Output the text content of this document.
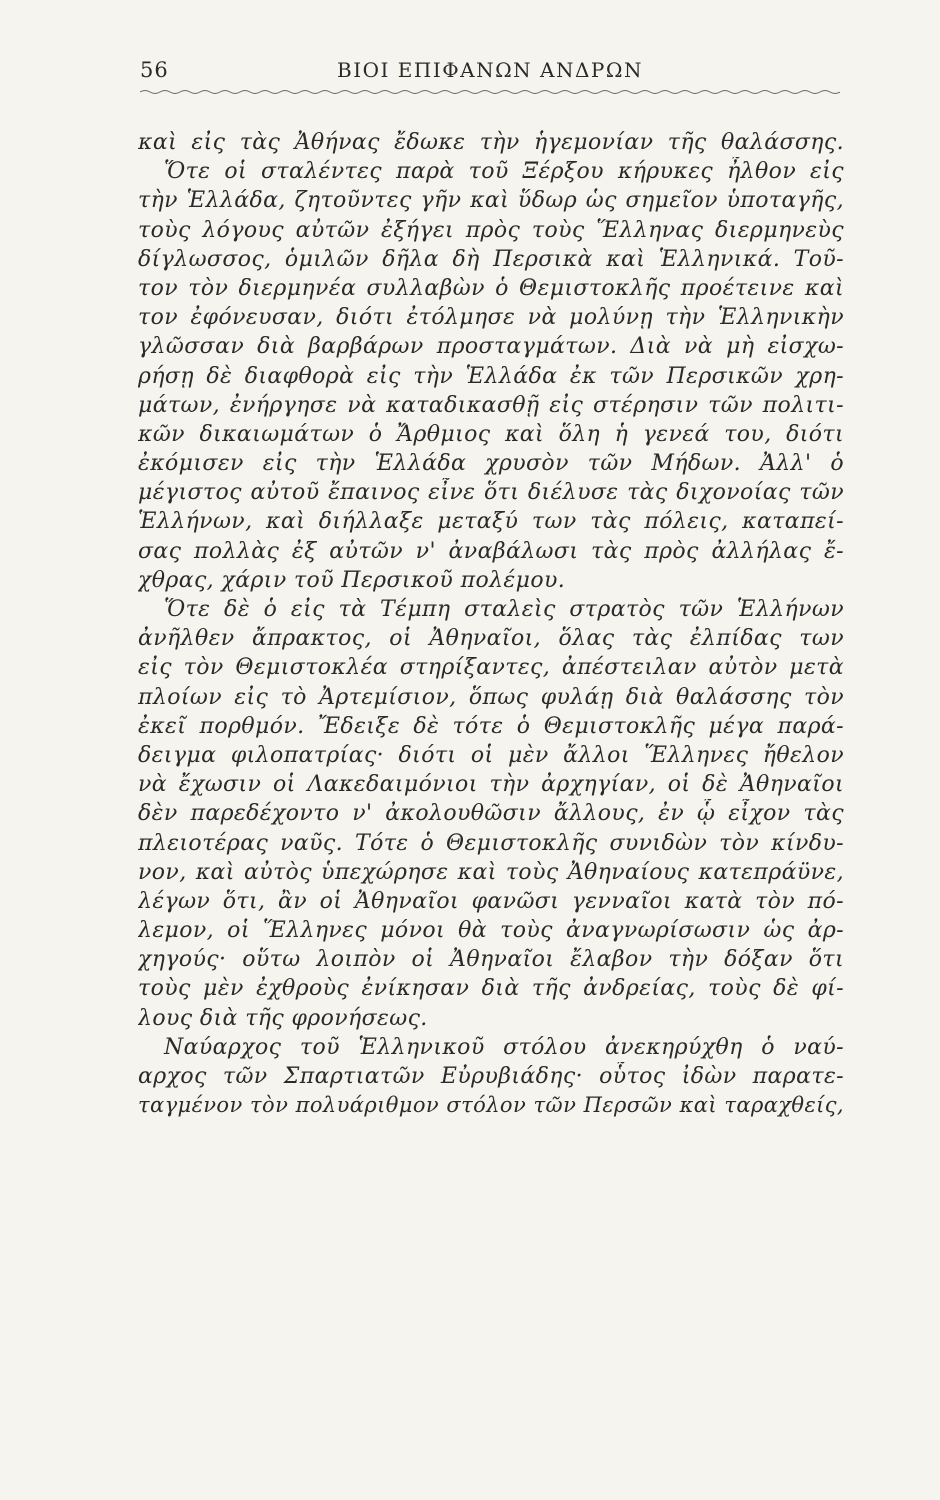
56	ΒΙΟΙ ΕΠΙΦΑΝΩΝ ΑΝΔΡΩΝ
καὶ εἰς τὰς Ἀθήνας ἔδωκε τὴν ἡγεμονίαν τῆς θαλάσσης.
Ὅτε οἱ σταλέντες παρὰ τοῦ Ξέρξου κήρυκες ἦλθον εἰς
τὴν Ἑλλάδα, ζητοῦντες γῆν καὶ ὕδωρ ὡς σημεῖον ὑποταγῆς,
τοὺς λόγους αὐτῶν ἐξήγει πρὸς τοὺς Ἕλληνας διερμηνεὺς
δίγλωσσος, ὁμιλῶν δῆλα δὴ Περσικὰ καὶ Ἑλληνικά. Τοῦ-
τον τὸν διερμηνέα συλλαβὼν ὁ Θεμιστοκλῆς προέτεινε καὶ
τον ἐφόνευσαν, διότι ἐτόλμησε νὰ μολύνῃ τὴν Ἑλληνικὴν
γλῶσσαν διὰ βαρβάρων προσταγμάτων. Διὰ νὰ μὴ εἰσχω-
ρήσῃ δὲ διαφθορὰ εἰς τὴν Ἑλλάδα ἐκ τῶν Περσικῶν χρη-
μάτων, ἐνήργησε νὰ καταδικασθῇ εἰς στέρησιν τῶν πολιτι-
κῶν δικαιωμάτων ὁ Ἄρθμιος καὶ ὅλη ἡ γενεά του, διότι
ἐκόμισεν εἰς τὴν Ἑλλάδα χρυσὸν τῶν Μήδων. Ἀλλ' ὁ
μέγιστος αὐτοῦ ἔπαινος εἶνε ὅτι διέλυσε τὰς διχονοίας τῶν
Ἑλλήνων, καὶ διήλλαξε μεταξύ των τὰς πόλεις, καταπεί-
σας πολλὰς ἐξ αὐτῶν ν' ἀναβάλωσι τὰς πρὸς ἀλλήλας ἔ-
χθρας, χάριν τοῦ Περσικοῦ πολέμου.
Ὅτε δὲ ὁ εἰς τὰ Τέμπη σταλεὶς στρατὸς τῶν Ἑλλήνων
ἀνῆλθεν ἄπρακτος, οἱ Ἀθηναῖοι, ὅλας τὰς ἐλπίδας των
εἰς τὸν Θεμιστοκλέα στηρίξαντες, ἀπέστειλαν αὐτὸν μετὰ
πλοίων εἰς τὸ Ἀρτεμίσιον, ὅπως φυλάῃ διὰ θαλάσσης τὸν
ἐκεῖ πορθμόν. Ἔδειξε δὲ τότε ὁ Θεμιστοκλῆς μέγα παρά-
δειγμα φιλοπατρίας· διότι οἱ μὲν ἄλλοι Ἕλληνες ἤθελον
νὰ ἔχωσιν οἱ Λακεδαιμόνιοι τὴν ἀρχηγίαν, οἱ δὲ Ἀθηναῖοι
δὲν παρεδέχοντο ν' ἀκολουθῶσιν ἄλλους, ἐν ᾧ εἶχον τὰς
πλειοτέρας ναῦς. Τότε ὁ Θεμιστοκλῆς συνιδὼν τὸν κίνδυ-
νον, καὶ αὐτὸς ὑπεχώρησε καὶ τοὺς Ἀθηναίους κατεπράϋνε,
λέγων ὅτι, ἂν οἱ Ἀθηναῖοι φανῶσι γενναῖοι κατὰ τὸν πό-
λεμον, οἱ Ἕλληνες μόνοι θὰ τοὺς ἀναγνωρίσωσιν ὡς ἀρ-
χηγούς· οὕτω λοιπὸν οἱ Ἀθηναῖοι ἔλαβον τὴν δόξαν ὅτι
τοὺς μὲν ἐχθροὺς ἐνίκησαν διὰ τῆς ἀνδρείας, τοὺς δὲ φί-
λους διὰ τῆς φρονήσεως.
Ναύαρχος τοῦ Ἑλληνικοῦ στόλου ἀνεκηρύχθη ὁ ναύ-
αρχος τῶν Σπαρτιατῶν Εὐρυβιάδης· οὗτος ἰδὼν παρατε-
ταγμένον τὸν πολυάριθμον στόλον τῶν Περσῶν καὶ ταραχθείς,
